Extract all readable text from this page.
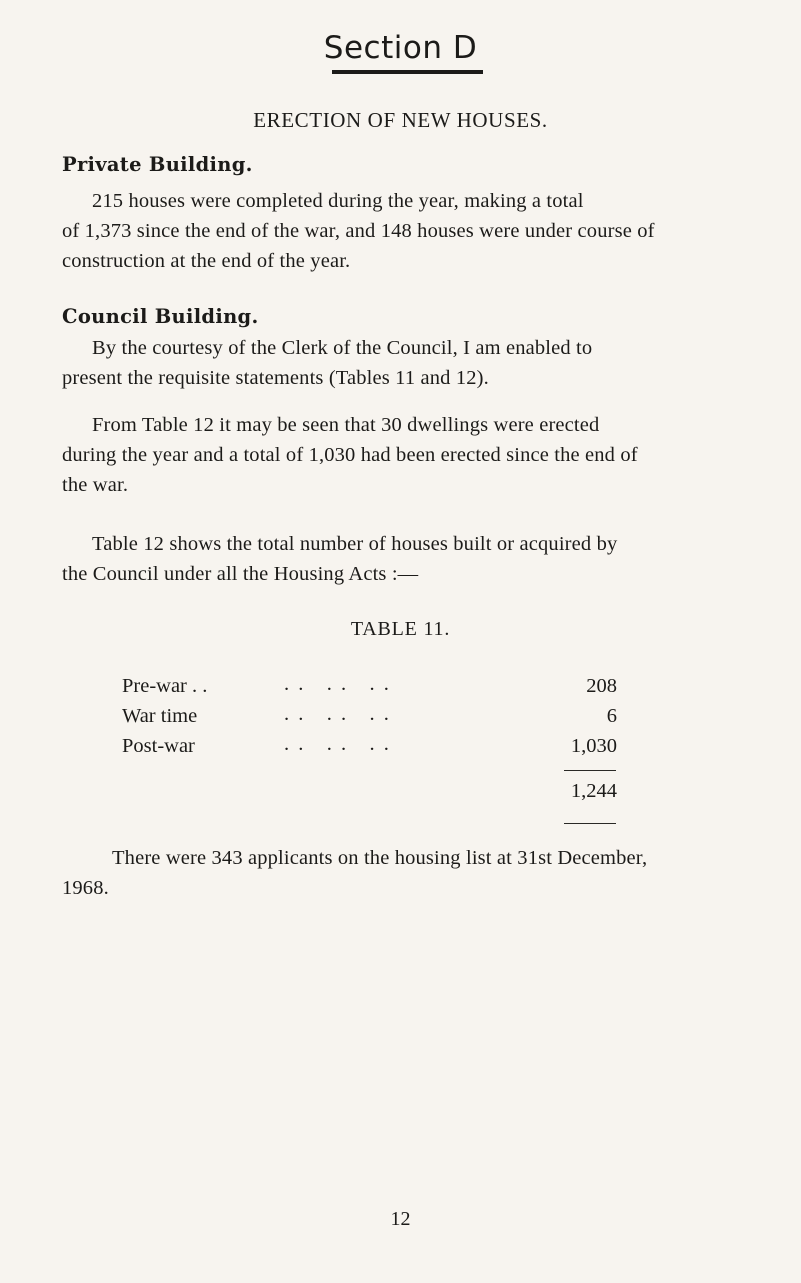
Section D
ERECTION OF NEW HOUSES.
Private Building.
215 houses were completed during the year, making a total
of 1,373 since the end of the war, and 148 houses were under course of
construction at the end of the year.
Council Building.
By the courtesy of the Clerk of the Council, I am enabled to
present the requisite statements (Tables 11 and 12).
From Table 12 it may be seen that 30 dwellings were erected
during the year and a total of 1,030 had been erected since the end of
the war.
Table 12 shows the total number of houses built or acquired by
the Council under all the Housing Acts :—
TABLE 11.
Pre-war . .	. .   . .   . .	208
War time	. .   . .   . .	6
Post-war	. .   . .   . .	1,030
1,244
There were 343 applicants on the housing list at 31st December,
1968.
12
